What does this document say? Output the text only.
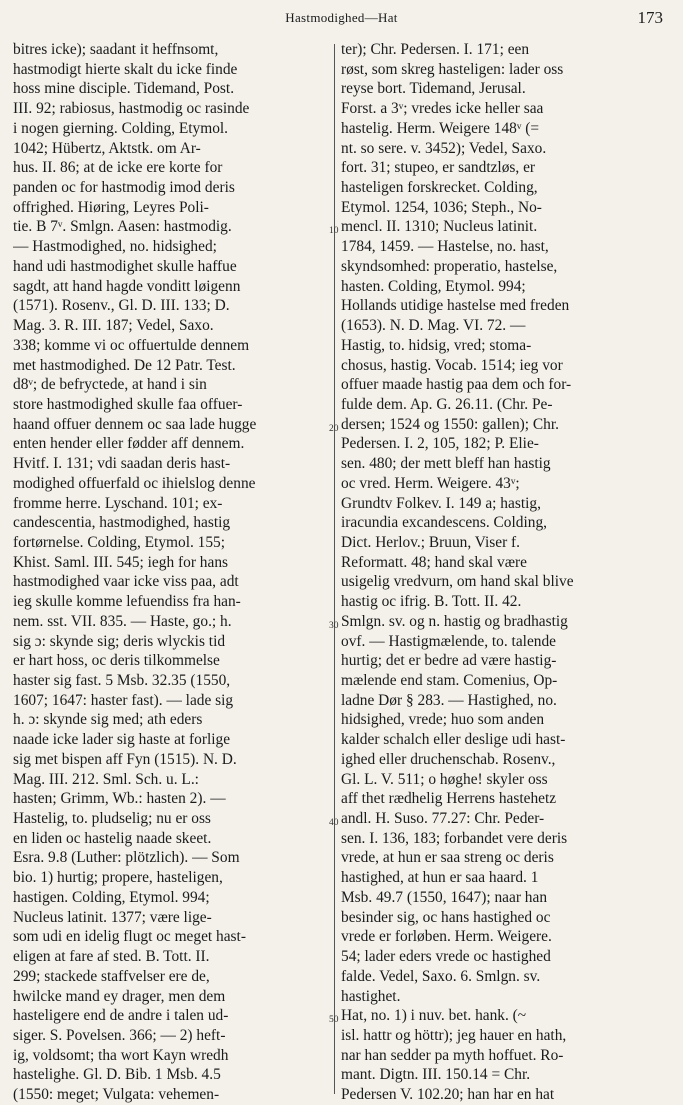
Hastmodighed—Hat	173
bitres icke); saadant it heffnsomt,
hastmodigt hierte skalt du icke finde
hoss mine disciple. Tidemand, Post.
III. 92; rabiosus, hastmodig oc rasinde
i nogen gierning. Colding, Etymol.
1042; Hübertz, Aktstk. om Ar-
hus. II. 86; at de icke ere korte for
panden oc for hastmodig imod deris
offrighed. Hiøring, Leyres Poli-
tie. B 7ᵛ. Smlgn. Aasen: hastmodig.
— Hastmodighed, no. hidsighed;
hand udi hastmodighet skulle haffue
sagdt, att hand hagde vonditt løigenn
(1571). Rosenv., Gl. D. III. 133; D.
Mag. 3. R. III. 187; Vedel, Saxo.
338; komme vi oc offuertulde dennem
met hastmodighed. De 12 Patr. Test.
d8ᵛ; de befryctede, at hand i sin
store hastmodighed skulle faa offuer-
haand offuer dennem oc saa lade hugge
enten hender eller fødder aff dennem.
Hvitf. I. 131; vdi saadan deris hast-
modighed offuerfald oc ihielslog denne
fromme herre. Lyschand. 101; ex-
candescentia, hastmodighed, hastig
fortørnelse. Colding, Etymol. 155;
Khist. Saml. III. 545; iegh for hans
hastmodighed vaar icke viss paa, adt
ieg skulle komme lefuendiss fra han-
nem. sst. VII. 835. — Haste, go.; h.
sig ɔ: skynde sig; deris wlyckis tid
er hart hoss, oc deris tilkommelse
haster sig fast. 5 Msb. 32.35 (1550,
1607; 1647: haster fast). — lade sig
h. ɔ: skynde sig med; ath eders
naade icke lader sig haste at forlige
sig met bispen aff Fyn (1515). N. D.
Mag. III. 212. Sml. Sch. u. L.:
hasten; Grimm, Wb.: hasten 2). —
Hastelig, to. pludselig; nu er oss
en liden oc hastelig naade skeet.
Esra. 9.8 (Luther: plötzlich). — Som
bio. 1) hurtig; propere, hasteligen,
hastigen. Colding, Etymol. 994;
Nucleus latinit. 1377; være lige-
som udi en idelig flugt oc meget hast-
eligen at fare af sted. B. Tott. II.
299; stackede staffvelser ere de,
hwilcke mand ey drager, men dem
hasteligere end de andre i talen ud-
siger. S. Povelsen. 366; — 2) heft-
ig, voldsomt; tha wort Kayn wredh
hastelighe. Gl. D. Bib. 1 Msb. 4.5
(1550: meget; Vulgata: vehemen-
ter); Chr. Pedersen. I. 171; een
røst, som skreg hasteligen: lader oss
reyse bort. Tidemand, Jerusal.
Forst. a 3ᵛ; vredes icke heller saa
hastelig. Herm. Weigere 148ᵛ (=
nt. so sere. v. 3452); Vedel, Saxo.
fort. 31; stupeo, er sandtzløs, er
hasteligen forskrecket. Colding,
Etymol. 1254, 1036; Steph., No-
mencl. II. 1310; Nucleus latinit.
1784, 1459. — Hastelse, no. hast,
skyndsomhed: properatio, hastelse,
hasten. Colding, Etymol. 994;
Hollands utidige hastelse med freden
(1653). N. D. Mag. VI. 72. —
Hastig, to. hidsig, vred; stoma-
chosus, hastig. Vocab. 1514; ieg vor
offuer maade hastig paa dem och for-
fulde dem. Ap. G. 26.11. (Chr. Pe-
dersen; 1524 og 1550: gallen); Chr.
Pedersen. I. 2, 105, 182; P. Elie-
sen. 480; der mett bleff han hastig
oc vred. Herm. Weigere. 43ᵛ;
Grundtv Folkev. I. 149 a; hastig,
iracundia excandescens. Colding,
Dict. Herlov.; Bruun, Viser f.
Reformatt. 48; hand skal være
usigelig vredvurn, om hand skal blive
hastig oc ifrig. B. Tott. II. 42.
Smlgn. sv. og n. hastig og bradhastig
ovf. — Hastigmælende, to. talende
hurtig; det er bedre ad være hastig-
mælende end stam. Comenius, Op-
ladne Dør § 283. — Hastighed, no.
hidsighed, vrede; huo som anden
kalder schalch eller deslige udi hast-
ighed eller druchenschab. Rosenv.,
Gl. L. V. 511; o høghe! skyler oss
aff thet rædhelig Herrens hastehetz
andl. H. Suso. 77.27: Chr. Peder-
sen. I. 136, 183; forbandet vere deris
vrede, at hun er saa streng oc deris
hastighed, at hun er saa haard. 1
Msb. 49.7 (1550, 1647); naar han
besinder sig, oc hans hastighed oc
vrede er forløben. Herm. Weigere.
54; lader eders vrede oc hastighed
falde. Vedel, Saxo. 6. Smlgn. sv.
hastighet.
Hat, no. 1) i nuv. bet. hank. (~
isl. hattr og höttr); jeg hauer en hath,
nar han sedder pa myth hoffuet. Ro-
mant. Digtn. III. 150.14 = Chr.
Pedersen V. 102.20; han har en hat
10
20
30
40
50
